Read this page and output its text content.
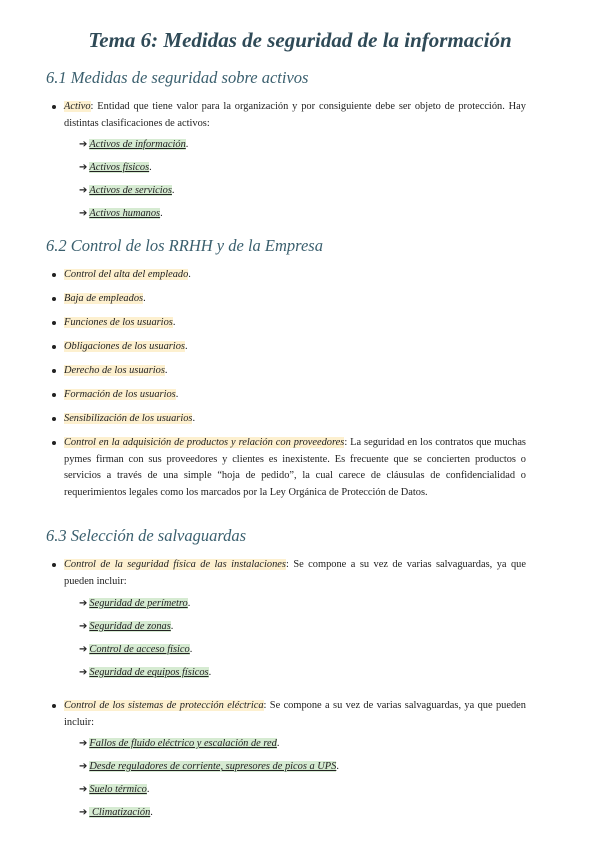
Tema 6: Medidas de seguridad de la información
6.1 Medidas de seguridad sobre activos

Activo: Entidad que tiene valor para la organización y por consiguiente debe ser objeto de protección. Hay distintas clasificaciones de activos:

➔ Activos de información.

➔ Activos físicos.

➔ Activos de servicios.

➔ Activos humanos.

6.2 Control de los RRHH y de la Empresa

Control del alta del empleado.

Baja de empleados.

Funciones de los usuarios.

Obligaciones de los usuarios.

Derecho de los usuarios.

Formación de los usuarios.

Sensibilización de los usuarios.

Control en la adquisición de productos y relación con proveedores: La seguridad en los contratos que muchas pymes firman con sus proveedores y clientes es inexistente. Es frecuente que se concierten productos o servicios a través de una simple “hoja de pedido”, la cual carece de cláusulas de confidencialidad o requerimientos legales como los marcados por la Ley Orgánica de Protección de Datos.

6.3 Selección de salvaguardas

Control de la seguridad física de las instalaciones: Se compone a su vez de varias salvaguardas, ya que pueden incluir:

➔ Seguridad de perímetro.

➔ Seguridad de zonas.

➔ Control de acceso físico.

➔ Seguridad de equipos físicos.

Control de los sistemas de protección eléctrica: Se compone a su vez de varias salvaguardas, ya que pueden incluir:

➔ Fallos de fluido eléctrico y escalación de red.

➔ Desde reguladores de corriente, supresores de picos a UPS.

➔ Suelo térmico.

➔ Climatización.
